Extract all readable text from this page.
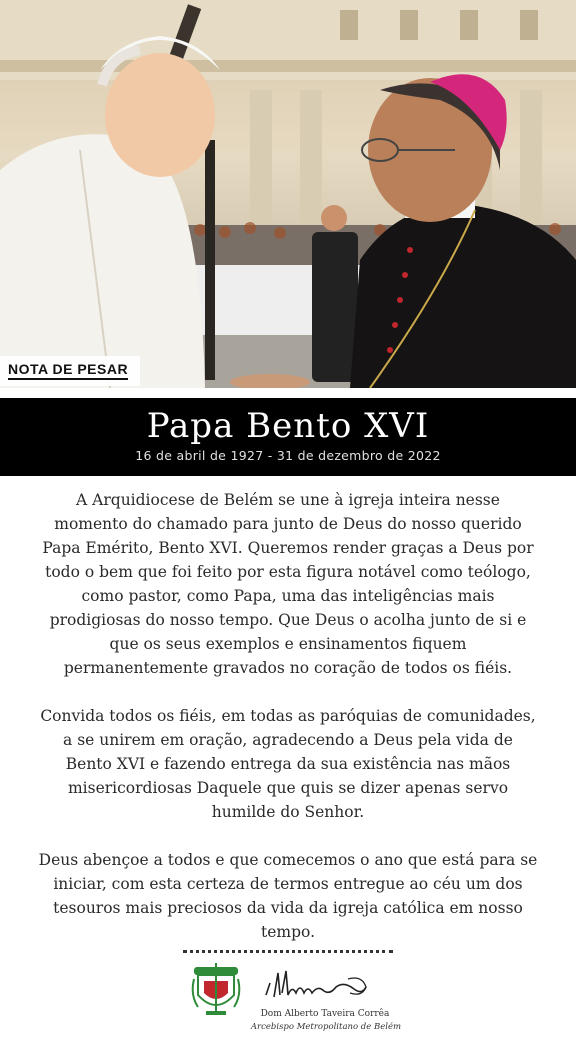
NOTA DE PESAR
Papa Bento XVI
16 de abril de 1927 - 31 de dezembro de 2022

A Arquidiocese de Belém se une à igreja inteira nesse momento do chamado para junto de Deus do nosso querido Papa Emérito, Bento XVI. Queremos render graças a Deus por todo o bem que foi feito por esta figura notável como teólogo, como pastor, como Papa, uma das inteligências mais prodigiosas do nosso tempo. Que Deus o acolha junto de si e que os seus exemplos e ensinamentos fiquem permanentemente gravados no coração de todos os fiéis.

Convida todos os fiéis, em todas as paróquias de comunidades, a se unirem em oração, agradecendo a Deus pela vida de Bento XVI e fazendo entrega da sua existência nas mãos misericordiosas Daquele que quis se dizer apenas servo humilde do Senhor.

Deus abençoe a todos e que comecemos o ano que está para se iniciar, com esta certeza de termos entregue ao céu um dos tesouros mais preciosos da vida da igreja católica em nosso tempo.

Dom Alberto Taveira Corrêa
Arcebispo Metropolitano de Belém
